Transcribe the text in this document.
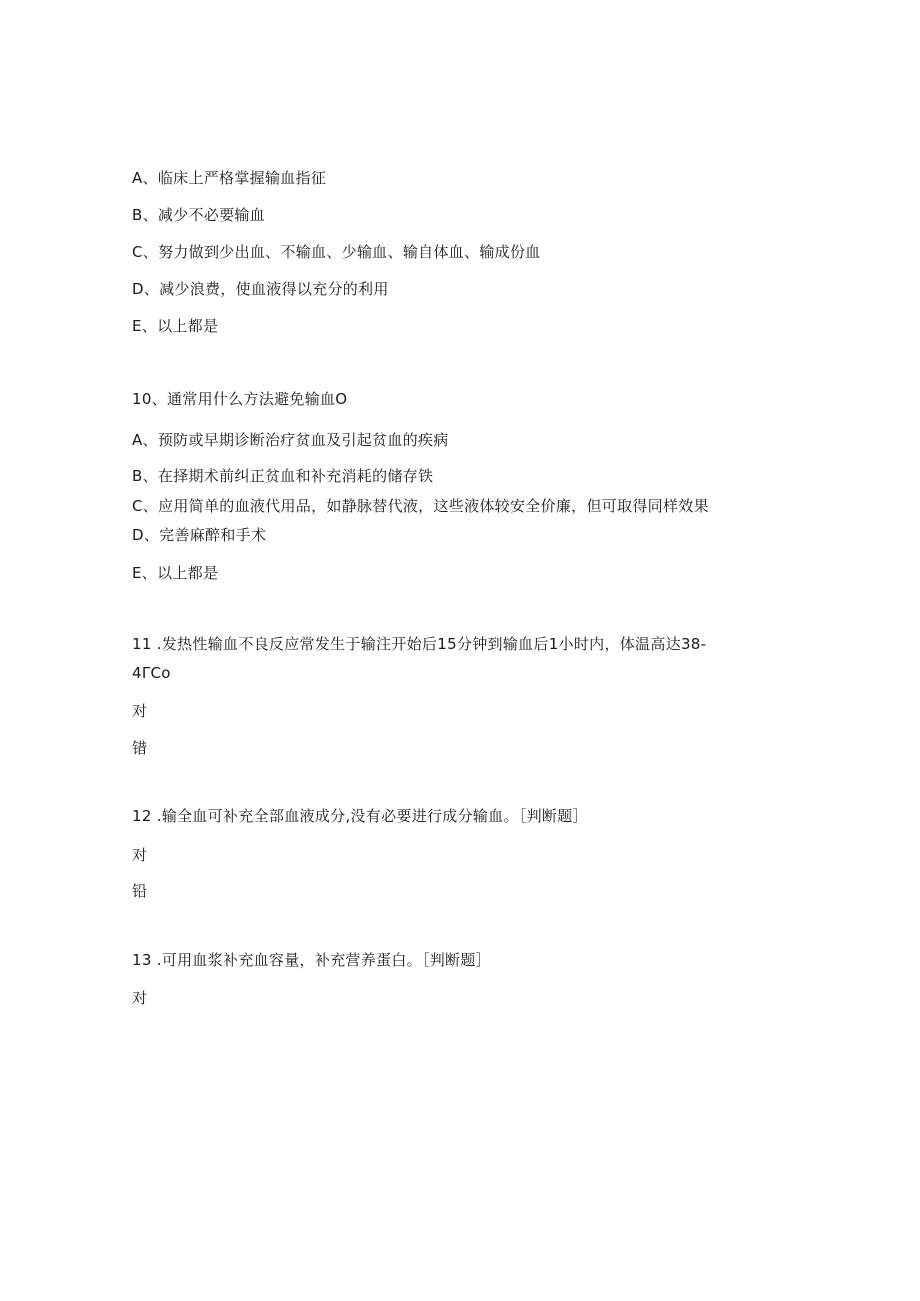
A、临床上严格掌握输血指征
B、减少不必要输血
C、努力做到少出血、不输血、少输血、输自体血、输成份血
D、减少浪费，使血液得以充分的利用
E、以上都是
10、通常用什么方法避免输血O
A、预防或早期诊断治疗贫血及引起贫血的疾病
B、在择期术前纠正贫血和补充消耗的储存铁
C、应用简单的血液代用品，如静脉替代液，这些液体较安全价廉，但可取得同样效果
D、完善麻醉和手术
E、以上都是
11 .发热性输血不良反应常发生于输注开始后15分钟到输血后1小时内，体温高达38-
4ΓCo
对
错
12 .输全血可补充全部血液成分,没有必要进行成分输血。［判断题］
对
铅
13 .可用血浆补充血容量，补充营养蛋白。［判断题］
对
